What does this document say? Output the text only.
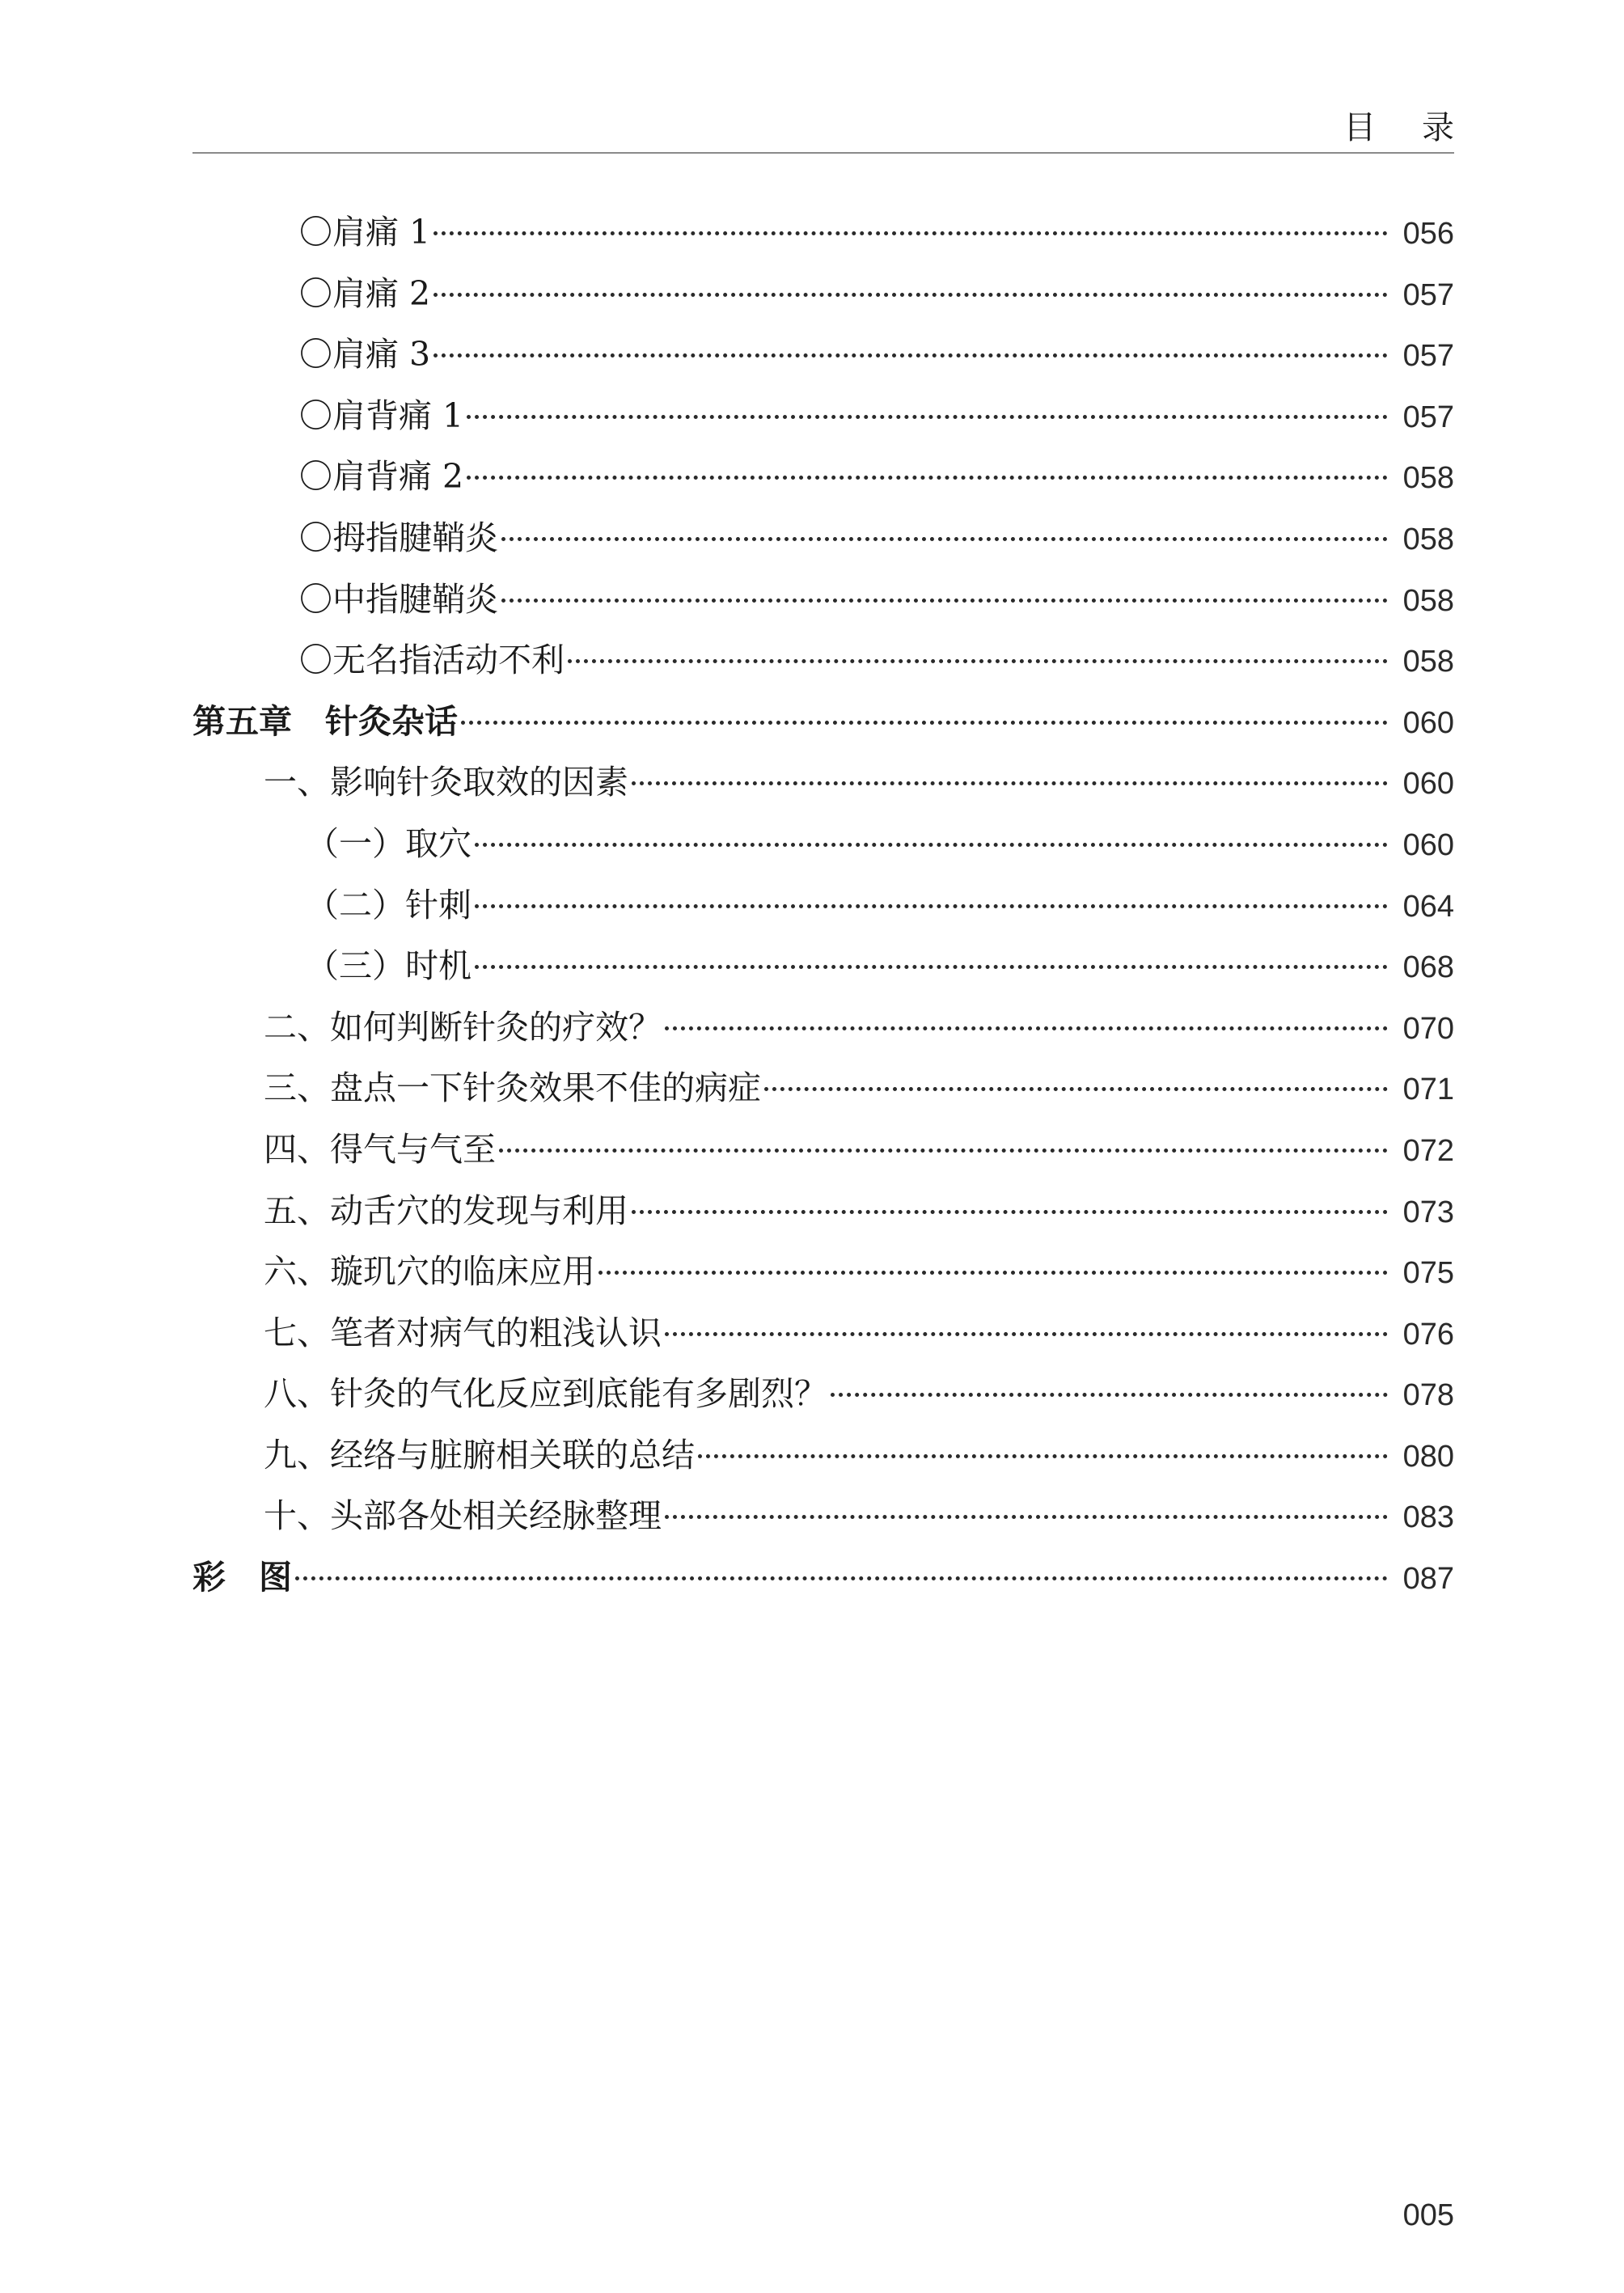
目 录
〇肩痛 1	056
〇肩痛 2	057
〇肩痛 3	057
〇肩背痛 1	057
〇肩背痛 2	058
〇拇指腱鞘炎	058
〇中指腱鞘炎	058
〇无名指活动不利	058
第五章　针灸杂话	060
一、影响针灸取效的因素	060
（一）取穴	060
（二）针刺	064
（三）时机	068
二、如何判断针灸的疗效？	070
三、盘点一下针灸效果不佳的病症	071
四、得气与气至	072
五、动舌穴的发现与利用	073
六、璇玑穴的临床应用	075
七、笔者对病气的粗浅认识	076
八、针灸的气化反应到底能有多剧烈？	078
九、经络与脏腑相关联的总结	080
十、头部各处相关经脉整理	083
彩　图	087
005
